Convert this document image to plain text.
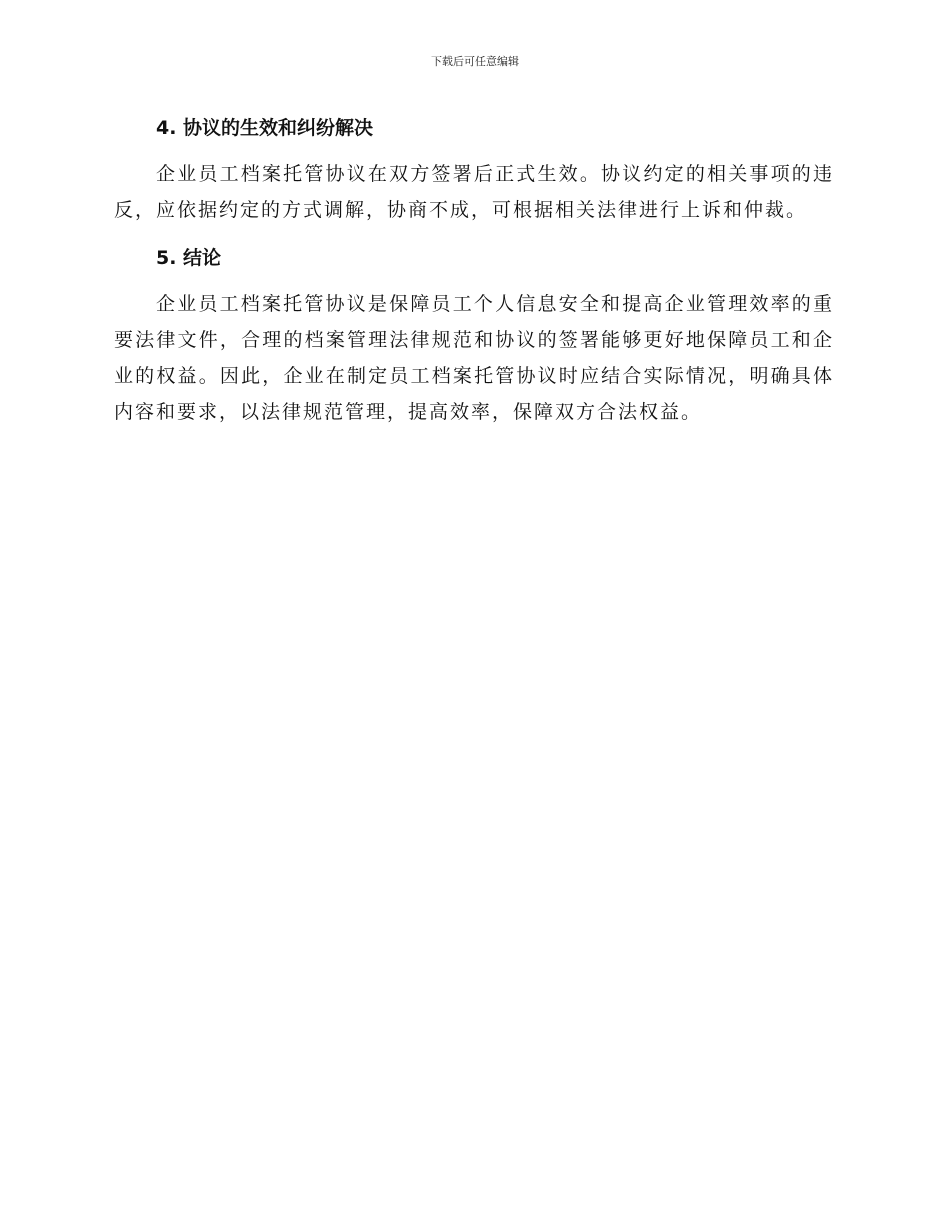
下载后可任意编辑
4. 协议的生效和纠纷解决

企业员工档案托管协议在双方签署后正式生效。协议约定的相关事项的违反，应依据约定的方式调解，协商不成，可根据相关法律进行上诉和仲裁。

5. 结论

企业员工档案托管协议是保障员工个人信息安全和提高企业管理效率的重要法律文件，合理的档案管理法律规范和协议的签署能够更好地保障员工和企业的权益。因此，企业在制定员工档案托管协议时应结合实际情况，明确具体内容和要求，以法律规范管理，提高效率，保障双方合法权益。
